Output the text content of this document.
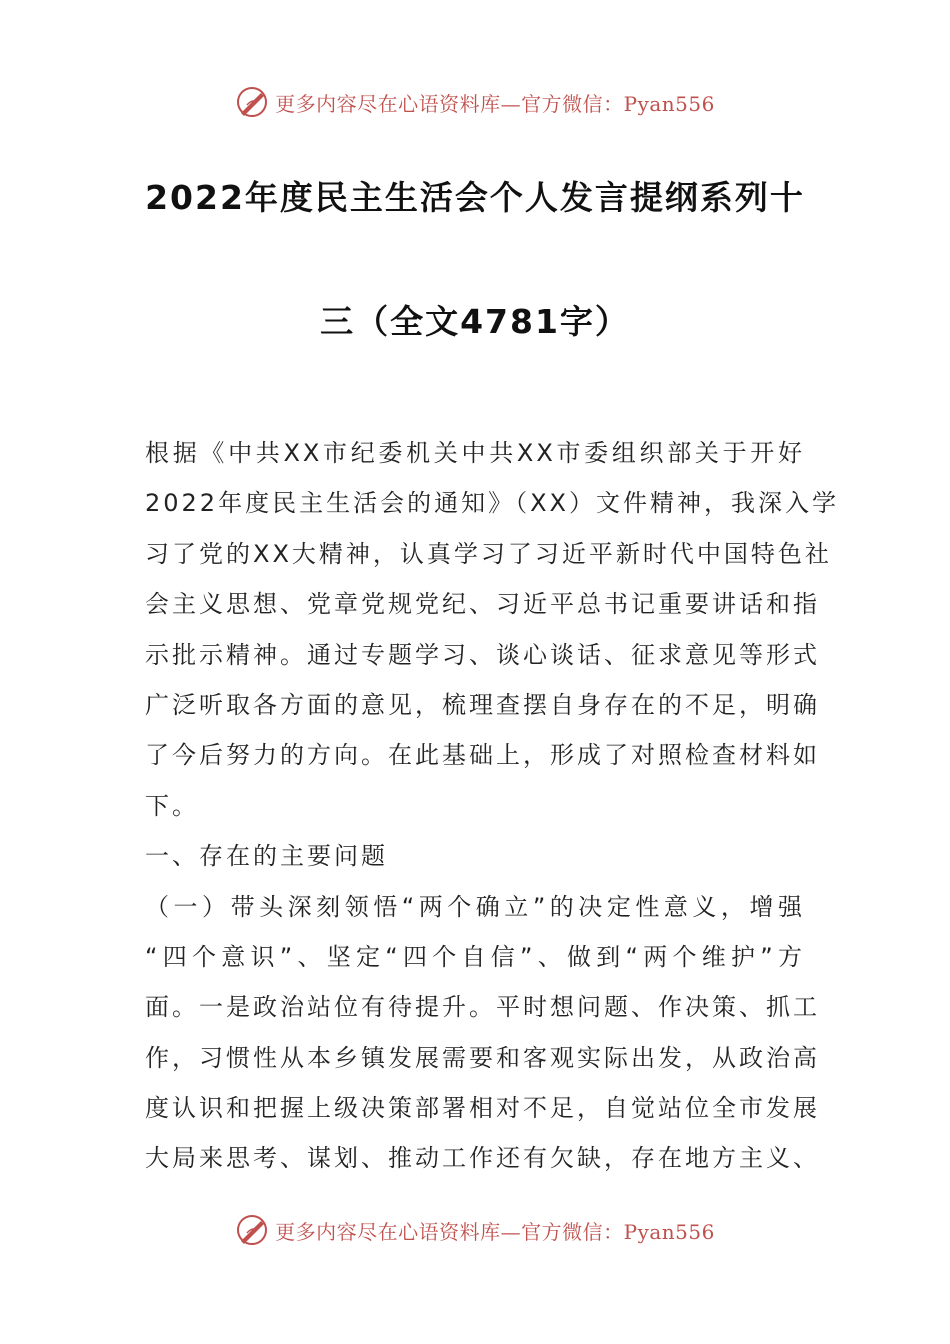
更多内容尽在心语资料库—官方微信：Pyan556
2022年度民主生活会个人发言提纲系列十
三（全文4781字）
根据《中共XX市纪委机关中共XX市委组织部关于开好
2022年度民主生活会的通知》（XX）文件精神，我深入学
习了党的XX大精神，认真学习了习近平新时代中国特色社
会主义思想、党章党规党纪、习近平总书记重要讲话和指
示批示精神。通过专题学习、谈心谈话、征求意见等形式
广泛听取各方面的意见，梳理查摆自身存在的不足，明确
了今后努力的方向。在此基础上，形成了对照检查材料如
下。
一、存在的主要问题
（一）带头深刻领悟“两个确立”的决定性意义，增强
“四个意识”、坚定“四个自信”、做到“两个维护”方
面。一是政治站位有待提升。平时想问题、作决策、抓工
作，习惯性从本乡镇发展需要和客观实际出发，从政治高
度认识和把握上级决策部署相对不足，自觉站位全市发展
大局来思考、谋划、推动工作还有欠缺，存在地方主义、
更多内容尽在心语资料库—官方微信：Pyan556
